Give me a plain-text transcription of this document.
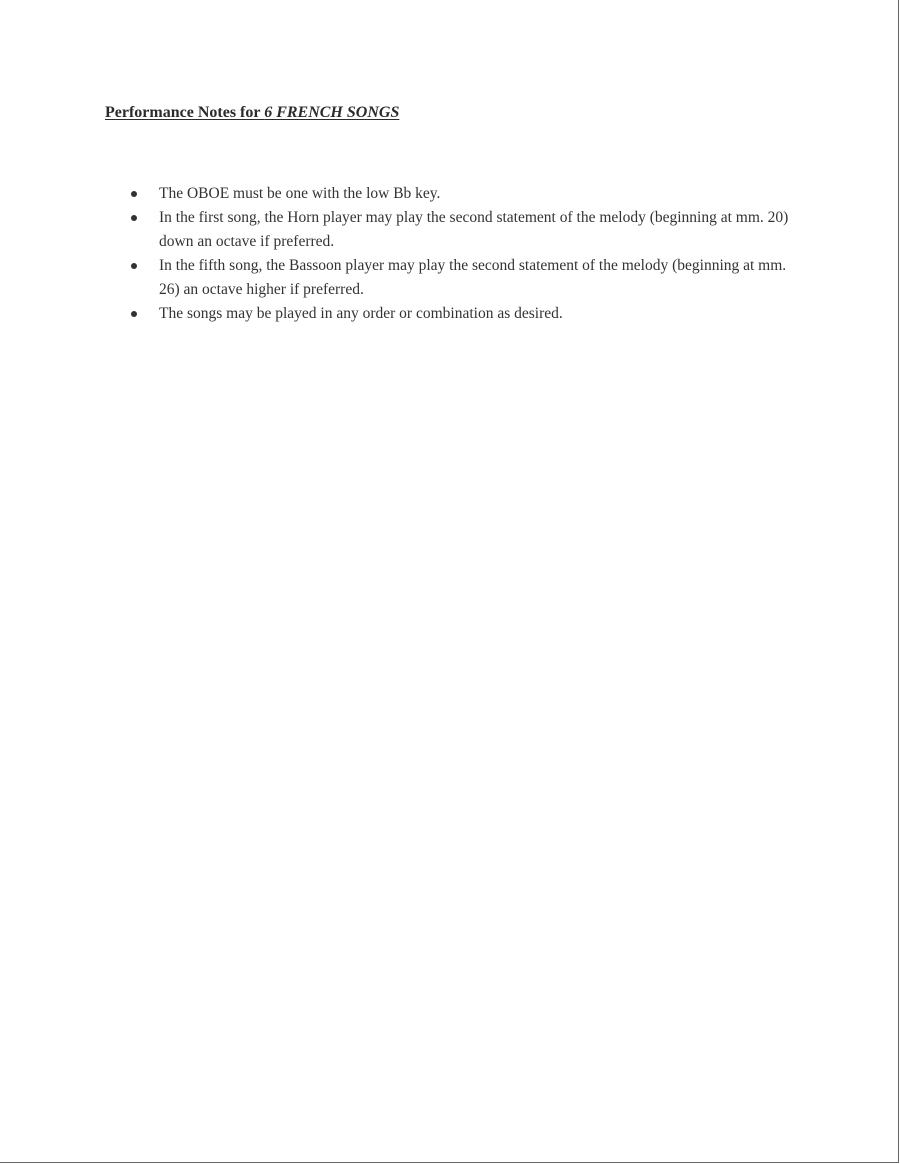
Performance Notes for 6 FRENCH SONGS
The OBOE must be one with the low Bb key.
In the first song, the Horn player may play the second statement of the melody (beginning at mm. 20) down an octave if preferred.
In the fifth song, the Bassoon player may play the second statement of the melody (beginning at mm. 26) an octave higher if preferred.
The songs may be played in any order or combination as desired.
